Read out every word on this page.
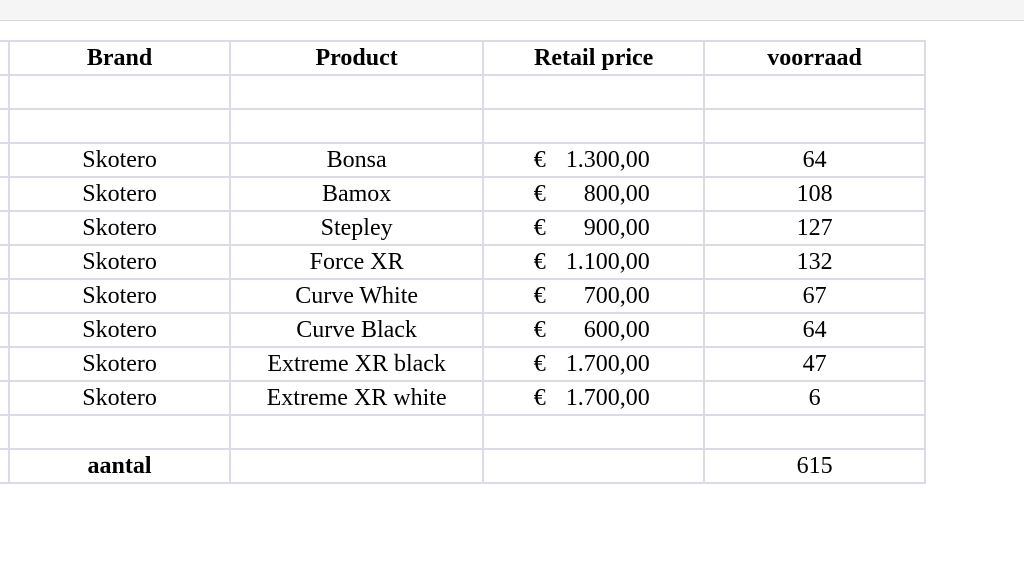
	Brand	Product	Retail price	voorraad

	Skotero	Bonsa	€ 1.300,00	64
	Skotero	Bamox	€ 800,00	108
	Skotero	Stepley	€ 900,00	127
	Skotero	Force XR	€ 1.100,00	132
	Skotero	Curve White	€ 700,00	67
	Skotero	Curve Black	€ 600,00	64
	Skotero	Extreme XR black	€ 1.700,00	47
	Skotero	Extreme XR white	€ 1.700,00	6

	aantal			615
